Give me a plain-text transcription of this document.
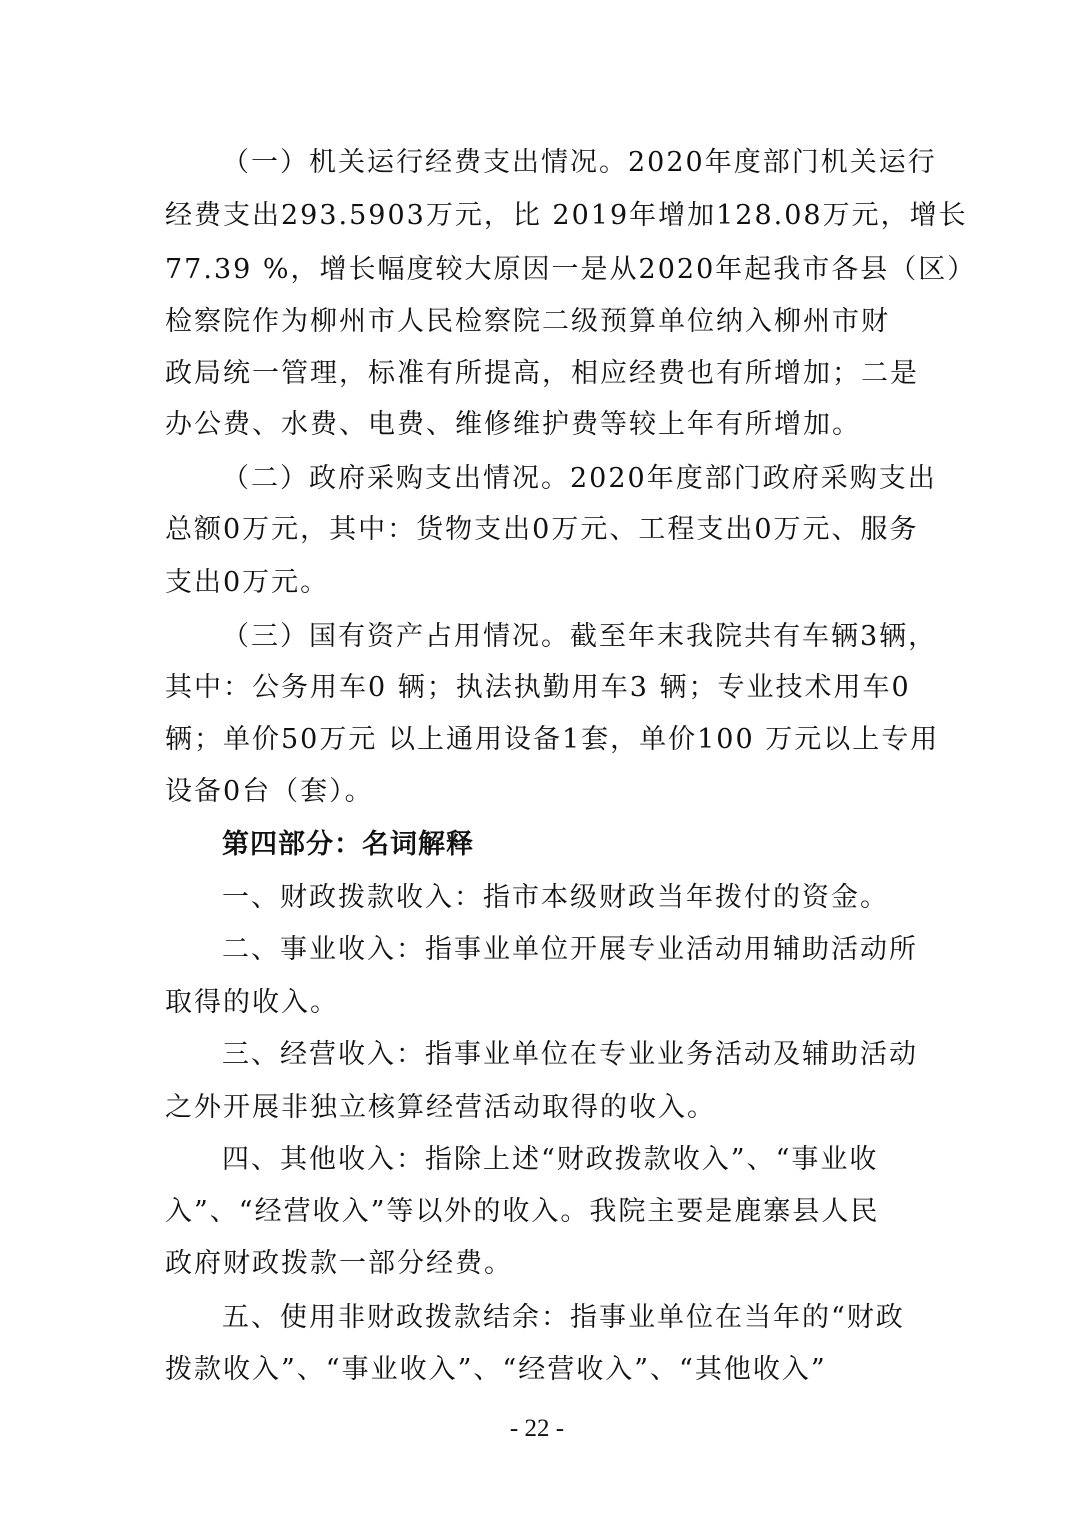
（一）机关运行经费支出情况。2020年度部门机关运行
经费支出293.5903万元，比 2019年增加128.08万元，增长
77.39 %，增长幅度较大原因一是从2020年起我市各县（区）
检察院作为柳州市人民检察院二级预算单位纳入柳州市财
政局统一管理，标准有所提高，相应经费也有所增加；二是
办公费、水费、电费、维修维护费等较上年有所增加。
（二）政府采购支出情况。2020年度部门政府采购支出
总额0万元，其中：货物支出0万元、工程支出0万元、服务
支出0万元。
（三）国有资产占用情况。截至年末我院共有车辆3辆，
其中：公务用车0 辆；执法执勤用车3 辆；专业技术用车0
辆；单价50万元 以上通用设备1套，单价100 万元以上专用
设备0台（套）。
第四部分：名词解释
一、财政拨款收入：指市本级财政当年拨付的资金。
二、事业收入：指事业单位开展专业活动用辅助活动所
取得的收入。
三、经营收入：指事业单位在专业业务活动及辅助活动
之外开展非独立核算经营活动取得的收入。
四、其他收入：指除上述“财政拨款收入”、“事业收
入”、“经营收入”等以外的收入。我院主要是鹿寨县人民
政府财政拨款一部分经费。
五、使用非财政拨款结余：指事业单位在当年的“财政
拨款收入”、“事业收入”、“经营收入”、“其他收入”
- 22 -
